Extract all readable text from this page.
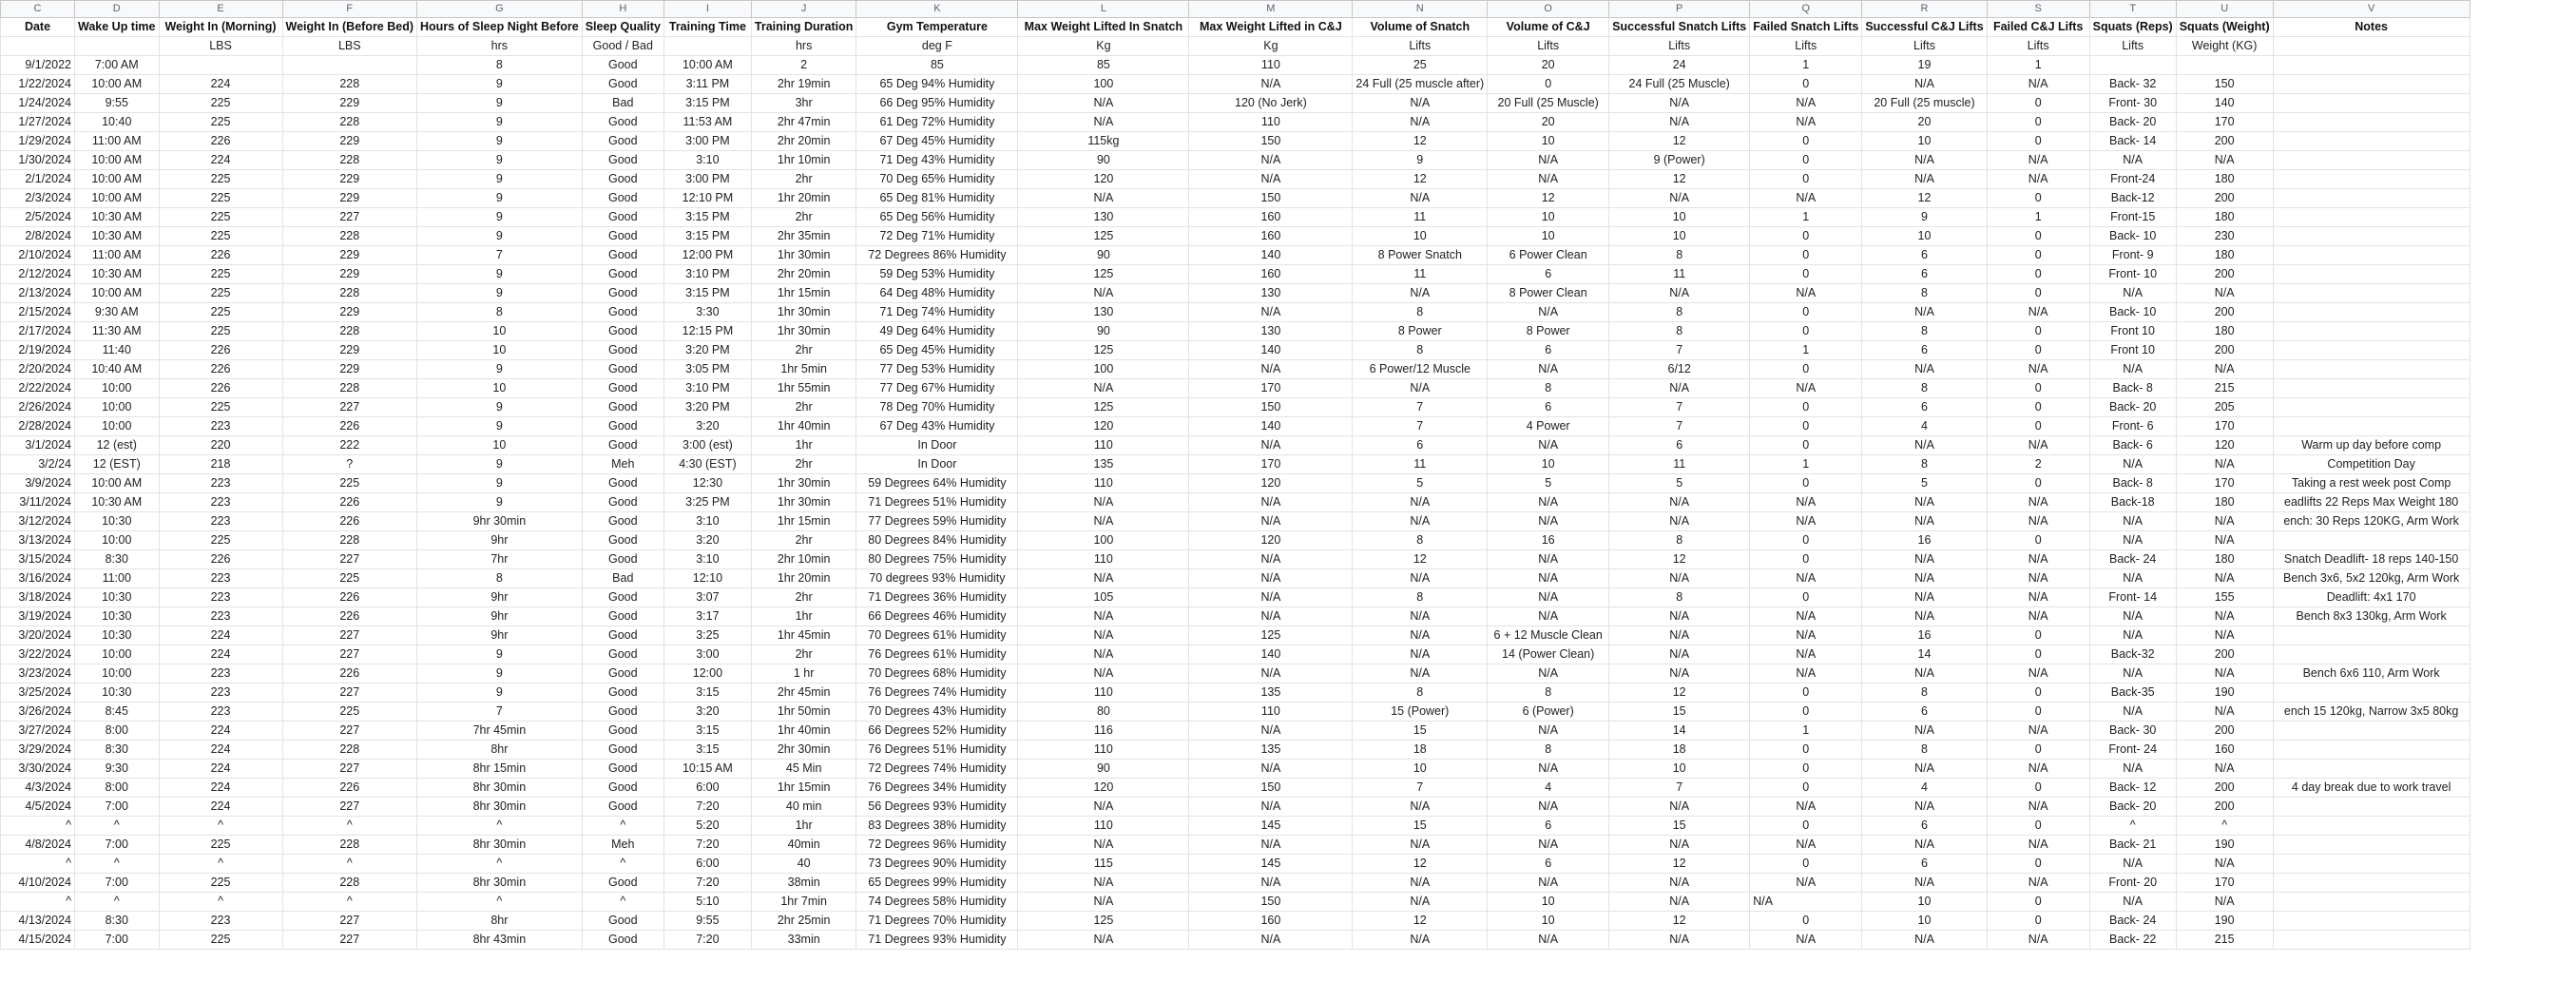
C	D	E	F	G	H	I	J	K	L	M	N	O	P	Q	R	S	T	U	V
Date	Wake Up time	Weight In (Morning)	Weight In (Before Bed)	Hours of Sleep Night Before	Sleep Quality	Training Time	Training Duration	Gym Temperature	Max Weight Lifted In Snatch	Max Weight Lifted in C&J	Volume of Snatch	Volume of C&J	Successful Snatch Lifts	Failed Snatch Lifts	Successful C&J Lifts	Failed C&J Lifts	Squats (Reps)	Squats (Weight)	Notes
		LBS	LBS	hrs	Good / Bad		hrs	deg F	Kg	Kg	Lifts	Lifts	Lifts	Lifts	Lifts	Lifts	Lifts	Weight (KG)	
9/1/2022	7:00 AM			8	Good	10:00 AM	2	85	85	110	25	20	24	1	19	1			
1/22/2024	10:00 AM	224	228	9	Good	3:11 PM	2hr 19min	65 Deg 94% Humidity	100	N/A	24 Full (25 muscle after)	0	24 Full (25 Muscle)	0	N/A	N/A	Back- 32	150	
1/24/2024	9:55	225	229	9	Bad	3:15 PM	3hr	66 Deg 95% Humidity	N/A	120 (No Jerk)	N/A	20 Full (25 Muscle)	N/A	N/A	20 Full (25 muscle)	0	Front- 30	140	
1/27/2024	10:40	225	228	9	Good	11:53 AM	2hr 47min	61 Deg 72% Humidity	N/A	110	N/A	20	N/A	N/A	20	0	Back- 20	170	
1/29/2024	11:00 AM	226	229	9	Good	3:00 PM	2hr 20min	67 Deg 45% Humidity	115kg	150	12	10	12	0	10	0	Back- 14	200	
1/30/2024	10:00 AM	224	228	9	Good	3:10	1hr 10min	71 Deg 43% Humidity	90	N/A	9	N/A	9 (Power)	0	N/A	N/A	N/A	N/A	
2/1/2024	10:00 AM	225	229	9	Good	3:00 PM	2hr	70 Deg 65% Humidity	120	N/A	12	N/A	12	0	N/A	N/A	Front-24	180	
2/3/2024	10:00 AM	225	229	9	Good	12:10 PM	1hr 20min	65 Deg 81% Humidity	N/A	150	N/A	12	N/A	N/A	12	0	Back-12	200	
2/5/2024	10:30 AM	225	227	9	Good	3:15 PM	2hr	65 Deg 56% Humidity	130	160	11	10	10	1	9	1	Front-15	180	
2/8/2024	10:30 AM	225	228	9	Good	3:15 PM	2hr 35min	72 Deg 71% Humidity	125	160	10	10	10	0	10	0	Back- 10	230	
2/10/2024	11:00 AM	226	229	7	Good	12:00 PM	1hr 30min	72 Degrees 86% Humidity	90	140	8 Power Snatch	6 Power Clean	8	0	6	0	Front- 9	180	
2/12/2024	10:30 AM	225	229	9	Good	3:10 PM	2hr 20min	59 Deg 53% Humidity	125	160	11	6	11	0	6	0	Front- 10	200	
2/13/2024	10:00 AM	225	228	9	Good	3:15 PM	1hr 15min	64 Deg 48% Humidity	N/A	130	N/A	8 Power Clean	N/A	N/A	8	0	N/A	N/A	
2/15/2024	9:30 AM	225	229	8	Good	3:30	1hr 30min	71 Deg 74% Humidity	130	N/A	8	N/A	8	0	N/A	N/A	Back- 10	200	
2/17/2024	11:30 AM	225	228	10	Good	12:15 PM	1hr 30min	49 Deg 64% Humidity	90	130	8 Power	8 Power	8	0	8	0	Front 10	180	
2/19/2024	11:40	226	229	10	Good	3:20 PM	2hr	65 Deg 45% Humidity	125	140	8	6	7	1	6	0	Front 10	200	
2/20/2024	10:40 AM	226	229	9	Good	3:05 PM	1hr 5min	77 Deg 53% Humidity	100	N/A	6 Power/12 Muscle	N/A	6/12	0	N/A	N/A	N/A	N/A	
2/22/2024	10:00	226	228	10	Good	3:10 PM	1hr 55min	77 Deg 67% Humidity	N/A	170	N/A	8	N/A	N/A	8	0	Back- 8	215	
2/26/2024	10:00	225	227	9	Good	3:20 PM	2hr	78 Deg 70% Humidity	125	150	7	6	7	0	6	0	Back- 20	205	
2/28/2024	10:00	223	226	9	Good	3:20	1hr 40min	67 Deg 43% Humidity	120	140	7	4 Power	7	0	4	0	Front- 6	170	
3/1/2024	12 (est)	220	222	10	Good	3:00 (est)	1hr	In Door	110	N/A	6	N/A	6	0	N/A	N/A	Back- 6	120	Warm up day before comp
3/2/24	12 (EST)	218	?	9	Meh	4:30 (EST)	2hr	In Door	135	170	11	10	11	1	8	2	N/A	N/A	Competition Day
3/9/2024	10:00 AM	223	225	9	Good	12:30	1hr 30min	59 Degrees 64% Humidity	110	120	5	5	5	0	5	0	Back- 8	170	Taking a rest week post Comp
3/11/2024	10:30 AM	223	226	9	Good	3:25 PM	1hr 30min	71 Degrees 51% Humidity	N/A	N/A	N/A	N/A	N/A	N/A	N/A	N/A	Back-18	180	eadlifts 22 Reps Max Weight 180
3/12/2024	10:30	223	226	9hr 30min	Good	3:10	1hr 15min	77 Degrees 59% Humidity	N/A	N/A	N/A	N/A	N/A	N/A	N/A	N/A	N/A	N/A	ench: 30 Reps 120KG, Arm Work
3/13/2024	10:00	225	228	9hr	Good	3:20	2hr	80 Degrees 84% Humidity	100	120	8	16	8	0	16	0	N/A	N/A	
3/15/2024	8:30	226	227	7hr	Good	3:10	2hr 10min	80 Degrees 75% Humidity	110	N/A	12	N/A	12	0	N/A	N/A	Back- 24	180	Snatch Deadlift- 18 reps 140-150
3/16/2024	11:00	223	225	8	Bad	12:10	1hr 20min	70 degrees 93% Humidity	N/A	N/A	N/A	N/A	N/A	N/A	N/A	N/A	N/A	N/A	Bench 3x6, 5x2 120kg, Arm Work
3/18/2024	10:30	223	226	9hr	Good	3:07	2hr	71 Degrees 36% Humidity	105	N/A	8	N/A	8	0	N/A	N/A	Front- 14	155	Deadlift: 4x1 170
3/19/2024	10:30	223	226	9hr	Good	3:17	1hr	66 Degrees 46% Humidity	N/A	N/A	N/A	N/A	N/A	N/A	N/A	N/A	N/A	N/A	Bench 8x3 130kg, Arm Work
3/20/2024	10:30	224	227	9hr	Good	3:25	1hr 45min	70 Degrees 61% Humidity	N/A	125	N/A	6 + 12 Muscle Clean	N/A	N/A	16	0	N/A	N/A	
3/22/2024	10:00	224	227	9	Good	3:00	2hr	76 Degrees 61% Humidity	N/A	140	N/A	14 (Power Clean)	N/A	N/A	14	0	Back-32	200	
3/23/2024	10:00	223	226	9	Good	12:00	1 hr	70 Degrees 68% Humidity	N/A	N/A	N/A	N/A	N/A	N/A	N/A	N/A	N/A	N/A	Bench 6x6 110, Arm Work
3/25/2024	10:30	223	227	9	Good	3:15	2hr 45min	76 Degrees 74% Humidity	110	135	8	8	12	0	8	0	Back-35	190	
3/26/2024	8:45	223	225	7	Good	3:20	1hr 50min	70 Degrees 43% Humidity	80	110	15 (Power)	6 (Power)	15	0	6	0	N/A	N/A	ench 15 120kg, Narrow 3x5 80kg
3/27/2024	8:00	224	227	7hr 45min	Good	3:15	1hr 40min	66 Degrees 52% Humidity	116	N/A	15	N/A	14	1	N/A	N/A	Back- 30	200	
3/29/2024	8:30	224	228	8hr	Good	3:15	2hr 30min	76 Degrees 51% Humidity	110	135	18	8	18	0	8	0	Front- 24	160	
3/30/2024	9:30	224	227	8hr 15min	Good	10:15 AM	45 Min	72 Degrees 74% Humidity	90	N/A	10	N/A	10	0	N/A	N/A	N/A	N/A	
4/3/2024	8:00	224	226	8hr 30min	Good	6:00	1hr 15min	76 Degrees 34% Humidity	120	150	7	4	7	0	4	0	Back- 12	200	4 day break due to work travel
4/5/2024	7:00	224	227	8hr 30min	Good	7:20	40 min	56 Degrees 93% Humidity	N/A	N/A	N/A	N/A	N/A	N/A	N/A	N/A	Back- 20	200	
^	^	^	^	^	^	5:20	1hr	83 Degrees 38% Humidity	110	145	15	6	15	0	6	0	^	^	
4/8/2024	7:00	225	228	8hr 30min	Meh	7:20	40min	72 Degrees 96% Humidity	N/A	N/A	N/A	N/A	N/A	N/A	N/A	N/A	Back- 21	190	
^	^	^	^	^	^	6:00	40	73 Degrees 90% Humidity	115	145	12	6	12	0	6	0	N/A	N/A	
4/10/2024	7:00	225	228	8hr 30min	Good	7:20	38min	65 Degrees 99% Humidity	N/A	N/A	N/A	N/A	N/A	N/A	N/A	N/A	Front- 20	170	
^	^	^	^	^	^	5:10	1hr 7min	74 Degrees 58% Humidity	N/A	150	N/A	10	N/A	N/A	10	0	N/A	N/A	
4/13/2024	8:30	223	227	8hr	Good	9:55	2hr 25min	71 Degrees 70% Humidity	125	160	12	10	12	0	10	0	Back- 24	190	
4/15/2024	7:00	225	227	8hr 43min	Good	7:20	33min	71 Degrees 93% Humidity	N/A	N/A	N/A	N/A	N/A	N/A	N/A	N/A	Back- 22	215	
